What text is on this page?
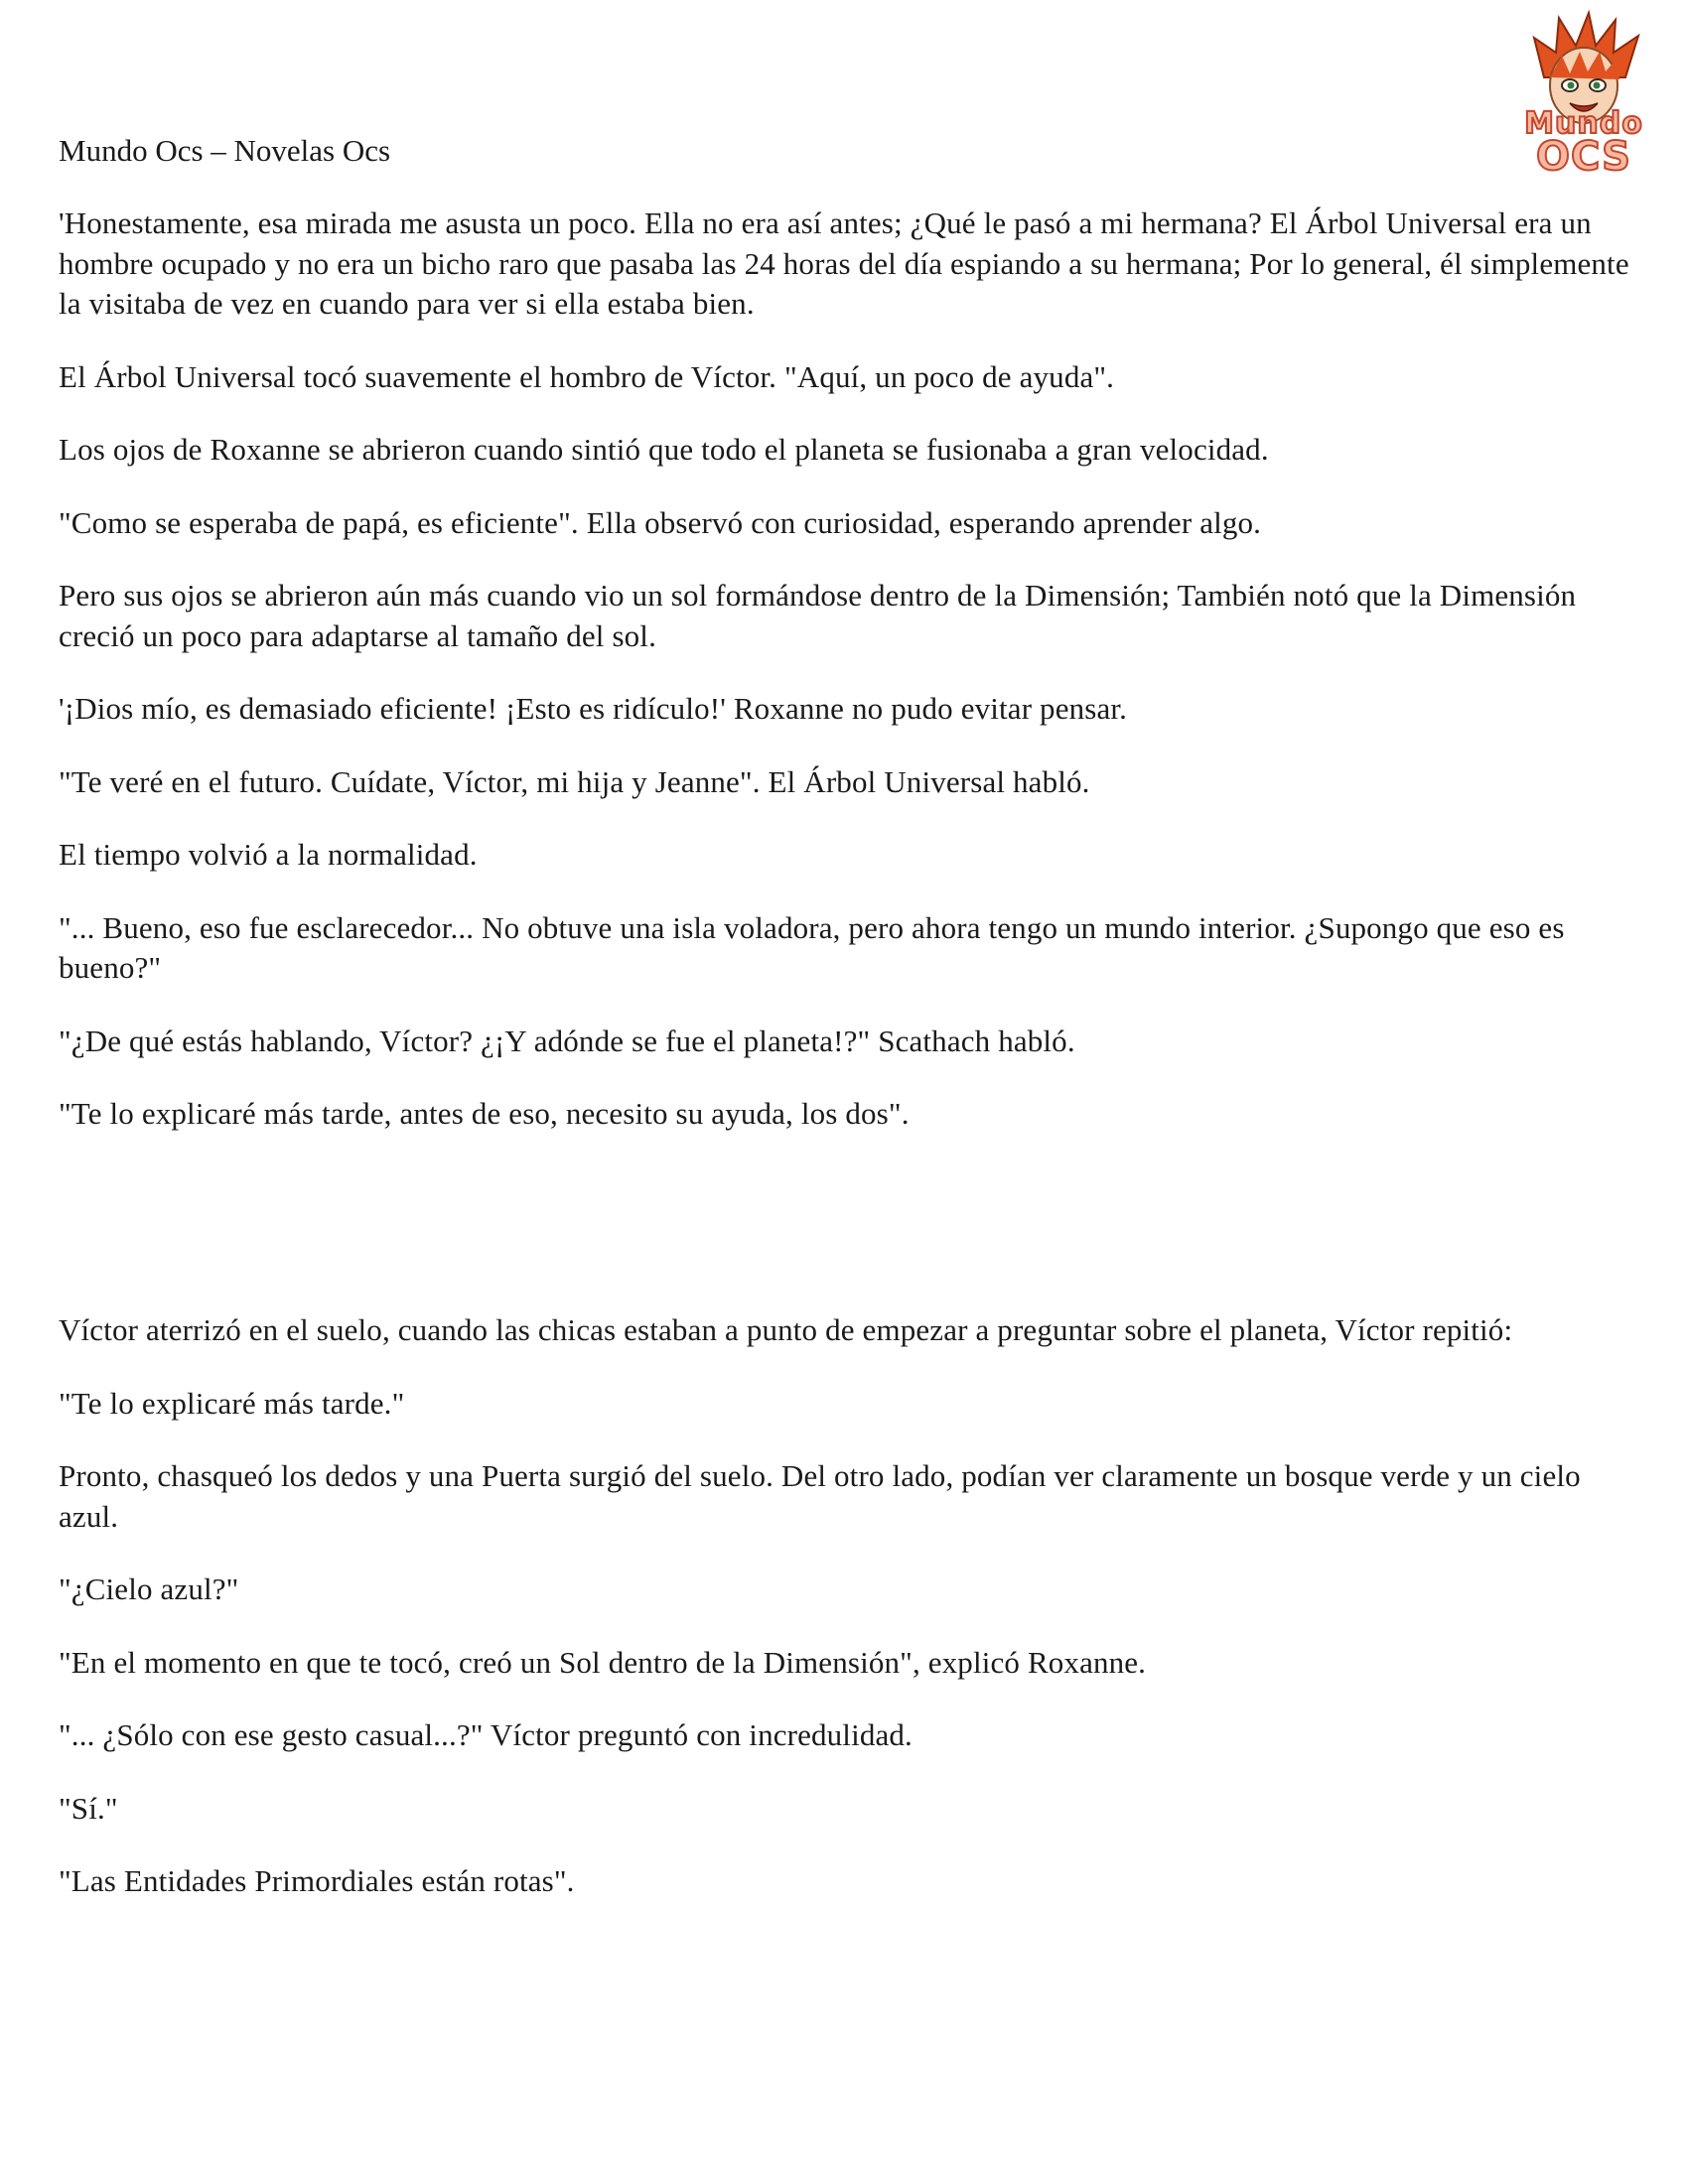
Mundo
OCS
Mundo Ocs – Novelas Ocs

'Honestamente, esa mirada me asusta un poco. Ella no era así antes; ¿Qué le pasó a mi hermana? El Árbol Universal era un hombre ocupado y no era un bicho raro que pasaba las 24 horas del día espiando a su hermana; Por lo general, él simplemente la visitaba de vez en cuando para ver si ella estaba bien.

El Árbol Universal tocó suavemente el hombro de Víctor. "Aquí, un poco de ayuda".

Los ojos de Roxanne se abrieron cuando sintió que todo el planeta se fusionaba a gran velocidad.

"Como se esperaba de papá, es eficiente". Ella observó con curiosidad, esperando aprender algo.

Pero sus ojos se abrieron aún más cuando vio un sol formándose dentro de la Dimensión; También notó que la Dimensión creció un poco para adaptarse al tamaño del sol.

'¡Dios mío, es demasiado eficiente! ¡Esto es ridículo!' Roxanne no pudo evitar pensar.

"Te veré en el futuro. Cuídate, Víctor, mi hija y Jeanne". El Árbol Universal habló.

El tiempo volvió a la normalidad.

"... Bueno, eso fue esclarecedor... No obtuve una isla voladora, pero ahora tengo un mundo interior. ¿Supongo que eso es bueno?"

"¿De qué estás hablando, Víctor? ¿¡Y adónde se fue el planeta!?" Scathach habló.

"Te lo explicaré más tarde, antes de eso, necesito su ayuda, los dos".

Víctor aterrizó en el suelo, cuando las chicas estaban a punto de empezar a preguntar sobre el planeta, Víctor repitió:

"Te lo explicaré más tarde."

Pronto, chasqueó los dedos y una Puerta surgió del suelo. Del otro lado, podían ver claramente un bosque verde y un cielo azul.

"¿Cielo azul?"

"En el momento en que te tocó, creó un Sol dentro de la Dimensión", explicó Roxanne.

"... ¿Sólo con ese gesto casual...?" Víctor preguntó con incredulidad.

"Sí."

"Las Entidades Primordiales están rotas".
